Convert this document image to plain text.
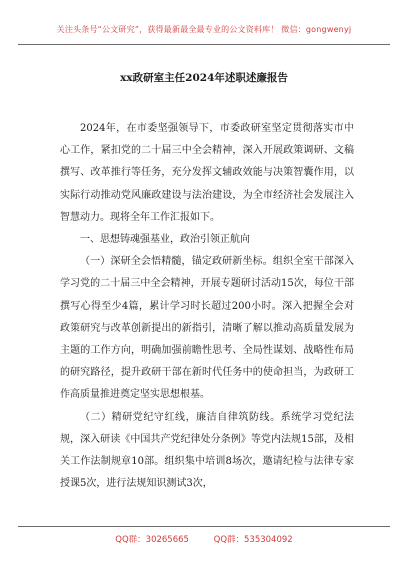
关注头条号“公文研究”，获得最新最全最专业的公文资料库！ 微信：gongwenyj
xx政研室主任2024年述职述廉报告

2024年，在市委坚强领导下，市委政研室坚定贯彻落实市中心工作，紧扣党的二十届三中全会精神，深入开展政策调研、文稿撰写、改革推行等任务，充分发挥文辅政效能与决策智囊作用，以实际行动推动党风廉政建设与法治建设，为全市经济社会发展注入智慧动力。现将全年工作汇报如下。

一、思想铸魂强基业，政治引领正航向

（一）深研全会悟精髓，锚定政研新坐标。组织全室干部深入学习党的二十届三中全会精神，开展专题研讨活动15次，每位干部撰写心得至少4篇，累计学习时长超过200小时。深入把握全会对政策研究与改革创新提出的新指引，清晰了解以推动高质量发展为主题的工作方向，明确加强前瞻性思考、全局性谋划、战略性布局的研究路径，提升政研干部在新时代任务中的使命担当，为政研工作高质量推进奠定坚实思想根基。

（二）精研党纪守红线，廉洁自律筑防线。系统学习党纪法规，深入研读《中国共产党纪律处分条例》等党内法规15部，及相关工作法制规章10部。组织集中培训8场次，邀请纪检与法律专家授课5次，进行法规知识测试3次，

QQ群：30265665	QQ群：535304092
